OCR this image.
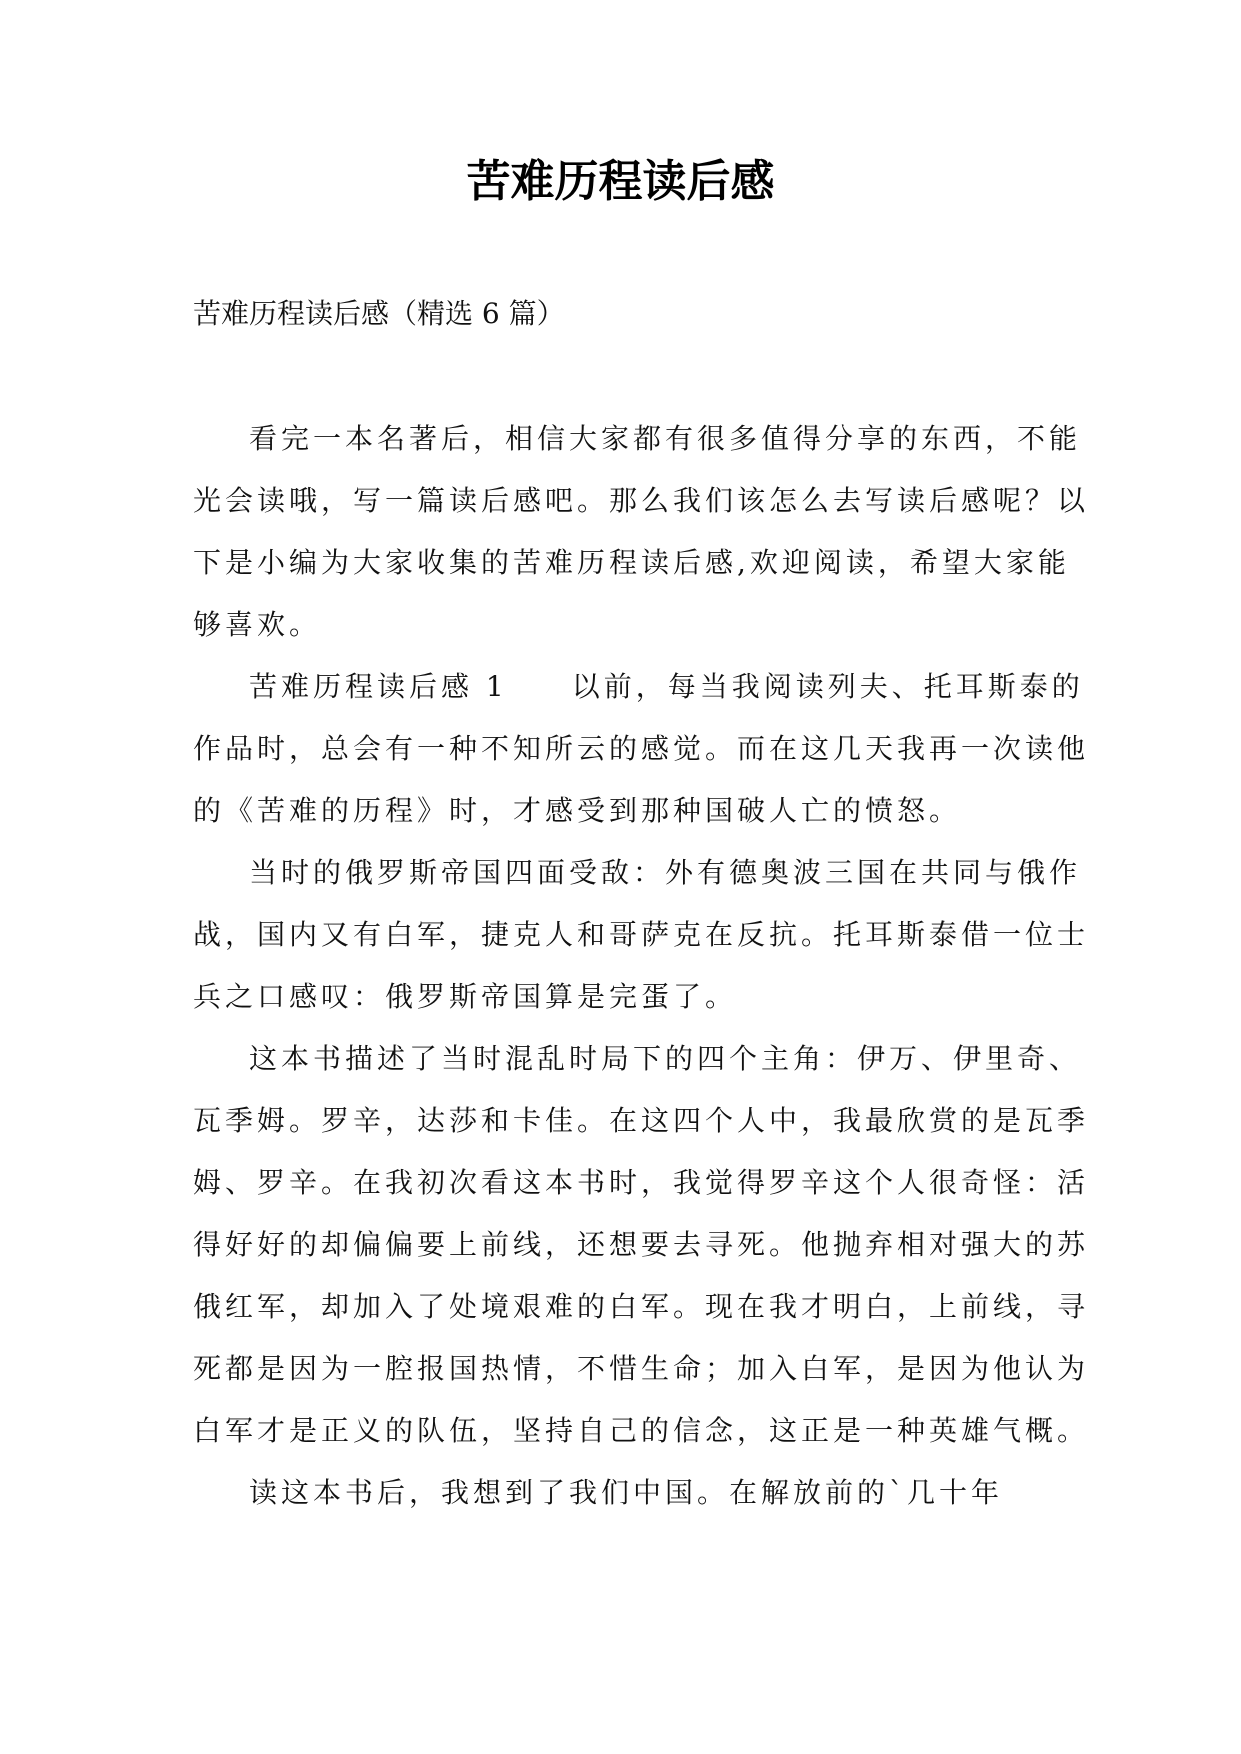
苦难历程读后感

苦难历程读后感（精选 6 篇）

看完一本名著后，相信大家都有很多值得分享的东西，不能光会读哦，写一篇读后感吧。那么我们该怎么去写读后感呢？以下是小编为大家收集的苦难历程读后感,欢迎阅读，希望大家能够喜欢。

苦难历程读后感 1　　以前，每当我阅读列夫、托耳斯泰的作品时，总会有一种不知所云的感觉。而在这几天我再一次读他的《苦难的历程》时，才感受到那种国破人亡的愤怒。

当时的俄罗斯帝国四面受敌：外有德奥波三国在共同与俄作战，国内又有白军，捷克人和哥萨克在反抗。托耳斯泰借一位士兵之口感叹：俄罗斯帝国算是完蛋了。

这本书描述了当时混乱时局下的四个主角：伊万、伊里奇、瓦季姆。罗辛，达莎和卡佳。在这四个人中，我最欣赏的是瓦季姆、罗辛。在我初次看这本书时，我觉得罗辛这个人很奇怪：活得好好的却偏偏要上前线，还想要去寻死。他抛弃相对强大的苏俄红军，却加入了处境艰难的白军。现在我才明白，上前线，寻死都是因为一腔报国热情，不惜生命；加入白军，是因为他认为白军才是正义的队伍，坚持自己的信念，这正是一种英雄气概。

读这本书后，我想到了我们中国。在解放前的`几十年
